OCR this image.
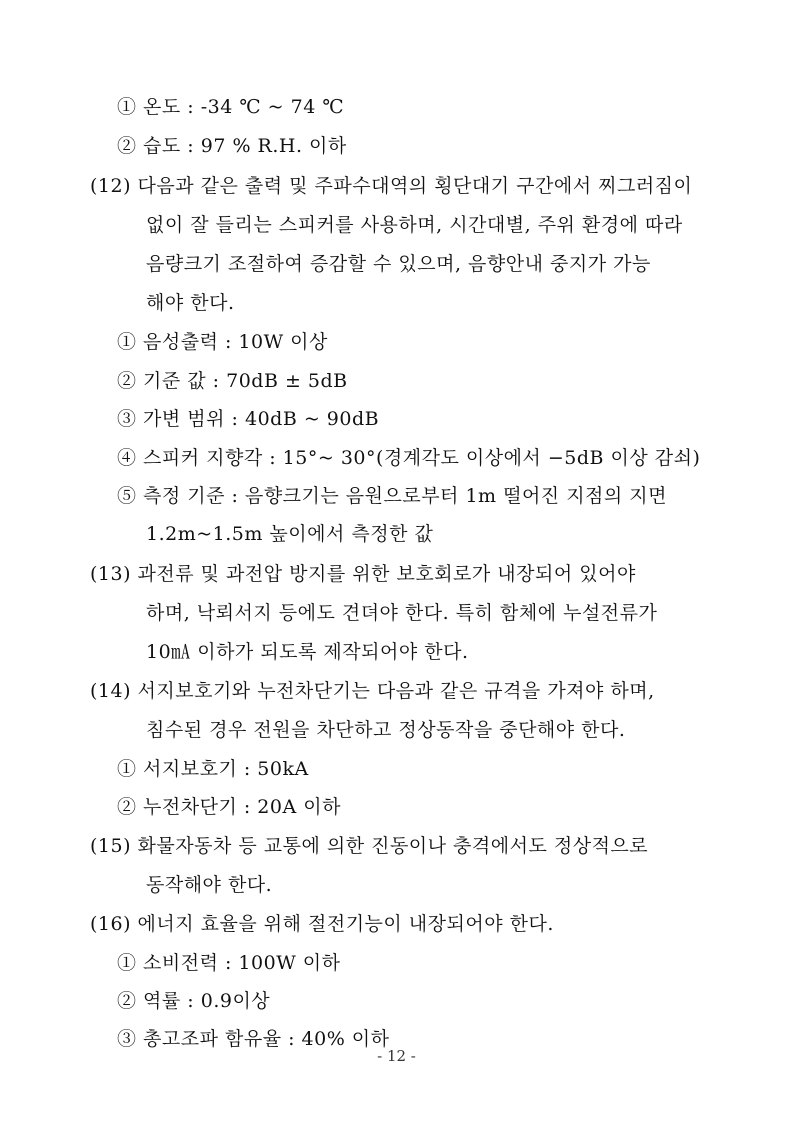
① 온도 : -34 ℃ ~ 74 ℃
② 습도 : 97 % R.H. 이하
(12) 다음과 같은 출력 및 주파수대역의 횡단대기 구간에서 찌그러짐이
없이 잘 들리는 스피커를 사용하며, 시간대별, 주위 환경에 따라
음량크기 조절하여 증감할 수 있으며, 음향안내 중지가 가능
해야 한다.
① 음성출력 : 10W 이상
② 기준 값 : 70dB ± 5dB
③ 가변 범위 : 40dB ~ 90dB
④ 스피커 지향각 : 15°~ 30°(경계각도 이상에서 −5dB 이상 감쇠)
⑤ 측정 기준 : 음향크기는 음원으로부터 1m 떨어진 지점의 지면
1.2m~1.5m 높이에서 측정한 값
(13) 과전류 및 과전압 방지를 위한 보호회로가 내장되어 있어야
하며, 낙뢰서지 등에도 견뎌야 한다. 특히 함체에 누설전류가
10㎃ 이하가 되도록 제작되어야 한다.
(14) 서지보호기와 누전차단기는 다음과 같은 규격을 가져야 하며,
침수된 경우 전원을 차단하고 정상동작을 중단해야 한다.
① 서지보호기 : 50kA
② 누전차단기 : 20A 이하
(15) 화물자동차 등 교통에 의한 진동이나 충격에서도 정상적으로
동작해야 한다.
(16) 에너지 효율을 위해 절전기능이 내장되어야 한다.
① 소비전력 : 100W 이하
② 역률 : 0.9이상
③ 총고조파 함유율 : 40% 이하
- 12 -
